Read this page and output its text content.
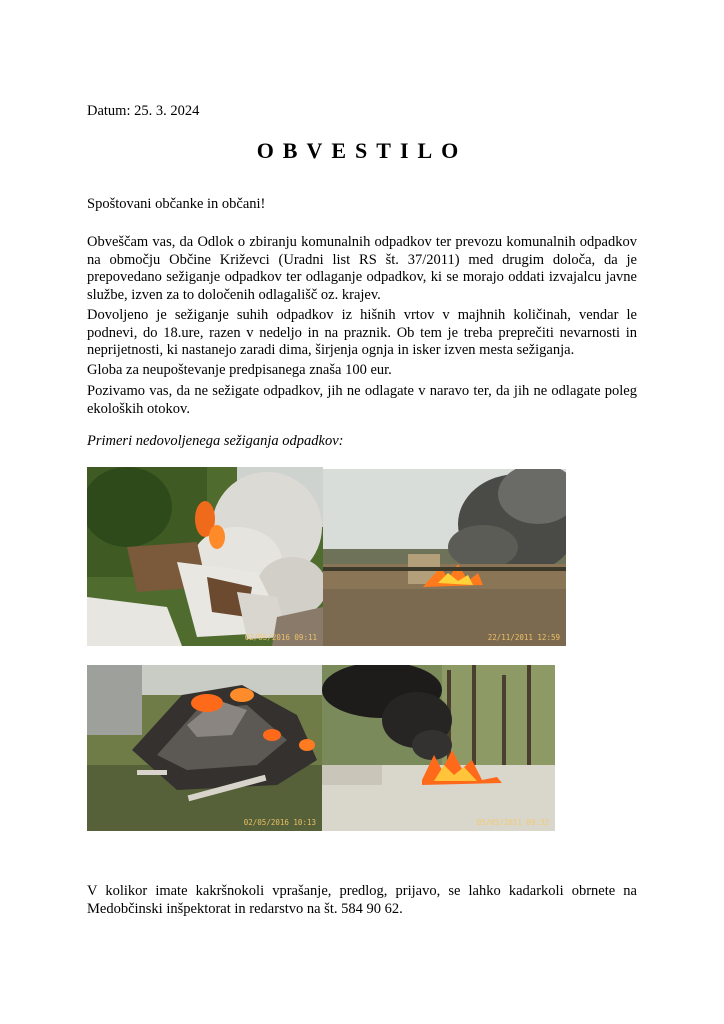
Datum: 25. 3. 2024

OBVESTILO

Spoštovani občanke in občani!

Obveščam vas, da Odlok o zbiranju komunalnih odpadkov ter prevozu komunalnih odpadkov na območju Občine Križevci (Uradni list RS št. 37/2011) med drugim določa, da je prepovedano sežiganje odpadkov ter odlaganje odpadkov, ki se morajo oddati izvajalcu javne službe, izven za to določenih odlagališč oz. krajev.

Dovoljeno je sežiganje suhih odpadkov iz hišnih vrtov v majhnih količinah, vendar le podnevi, do 18.ure, razen v nedeljo in na praznik. Ob tem je treba preprečiti nevarnosti in neprijetnosti, ki nastanejo zaradi dima, širjenja ognja in isker izven mesta sežiganja.

Globa za neupoštevanje predpisanega znaša 100 eur.

Pozivamo vas, da ne sežigate odpadkov, jih ne odlagate v naravo ter, da jih ne odlagate poleg ekoloških otokov.

Primeri nedovoljenega sežiganja odpadkov:

02/05/2016 09:11	22/11/2011 12:59
02/05/2016 10:13	05/05/2011 09:32

V kolikor imate kakršnokoli vprašanje, predlog, prijavo, se lahko kadarkoli obrnete na Medobčinski inšpektorat in redarstvo na št. 584 90 62.
